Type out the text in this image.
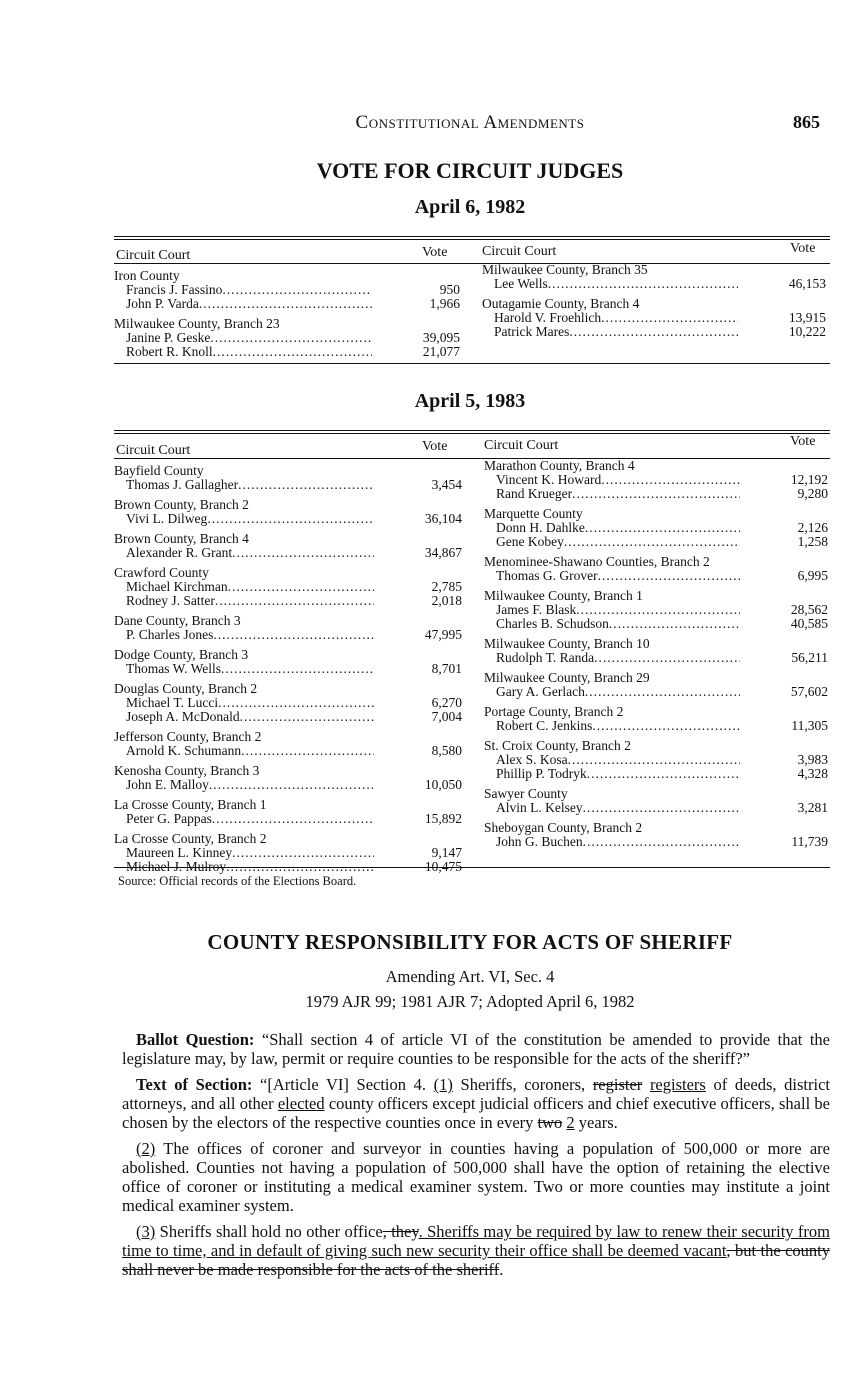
Constitutional Amendments	865
VOTE FOR CIRCUIT JUDGES
April 6, 1982
Circuit Court	Vote Circuit Court	Vote
Iron County
Francis J. Fassino .....	950
John P. Varda .....	1,966
Milwaukee County, Branch 23
Janine P. Geske .....	39,095
Robert R. Knoll .....	21,077
Milwaukee County, Branch 35
Lee Wells .....	46,153
Outagamie County, Branch 4
Harold V. Froehlich .....	13,915
Patrick Mares .....	10,222
April 5, 1983
Circuit Court	Vote	Circuit Court	Vote
Bayfield County
Thomas J. Gallagher .....	3,454
Brown County, Branch 2
Vivi L. Dilweg .....	36,104
Brown County, Branch 4
Alexander R. Grant .....	34,867
Crawford County
Michael Kirchman .....	2,785
Rodney J. Satter .....	2,018
Dane County, Branch 3
P. Charles Jones .....	47,995
Dodge County, Branch 3
Thomas W. Wells .....	8,701
Douglas County, Branch 2
Michael T. Lucci .....	6,270
Joseph A. McDonald .....	7,004
Jefferson County, Branch 2
Arnold K. Schumann .....	8,580
Kenosha County, Branch 3
John E. Malloy .....	10,050
La Crosse County, Branch 1
Peter G. Pappas .....	15,892
La Crosse County, Branch 2
Maureen L. Kinney .....	9,147
Michael J. Mulroy .....	10,475
Marathon County, Branch 4
Vincent K. Howard .....	12,192
Rand Krueger .....	9,280
Marquette County
Donn H. Dahlke .....	2,126
Gene Kobey .....	1,258
Menominee-Shawano Counties, Branch 2
Thomas G. Grover .....	6,995
Milwaukee County, Branch 1
James F. Blask .....	28,562
Charles B. Schudson .....	40,585
Milwaukee County, Branch 10
Rudolph T. Randa .....	56,211
Milwaukee County, Branch 29
Gary A. Gerlach .....	57,602
Portage County, Branch 2
Robert C. Jenkins .....	11,305
St. Croix County, Branch 2
Alex S. Kosa .....	3,983
Phillip P. Todryk .....	4,328
Sawyer County
Alvin L. Kelsey .....	3,281
Sheboygan County, Branch 2
John G. Buchen .....	11,739
Source: Official records of the Elections Board.
COUNTY RESPONSIBILITY FOR ACTS OF SHERIFF
Amending Art. VI, Sec. 4
1979 AJR 99; 1981 AJR 7; Adopted April 6, 1982

Ballot Question: “Shall section 4 of article VI of the constitution be amended to provide that the legislature may, by law, permit or require counties to be responsible for the acts of the sheriff?”

Text of Section: “[Article VI] Section 4. (1) Sheriffs, coroners, register registers of deeds, district attorneys, and all other elected county officers except judicial officers and chief executive officers, shall be chosen by the electors of the respective counties once in every two 2 years.

(2) The offices of coroner and surveyor in counties having a population of 500,000 or more are abolished. Counties not having a population of 500,000 shall have the option of retaining the elective office of coroner or instituting a medical examiner system. Two or more counties may institute a joint medical examiner system.

(3) Sheriffs shall hold no other office, they. Sheriffs may be required by law to renew their security from time to time, and in default of giving such new security their office shall be deemed vacant, but the county shall never be made responsible for the acts of the sheriff.
